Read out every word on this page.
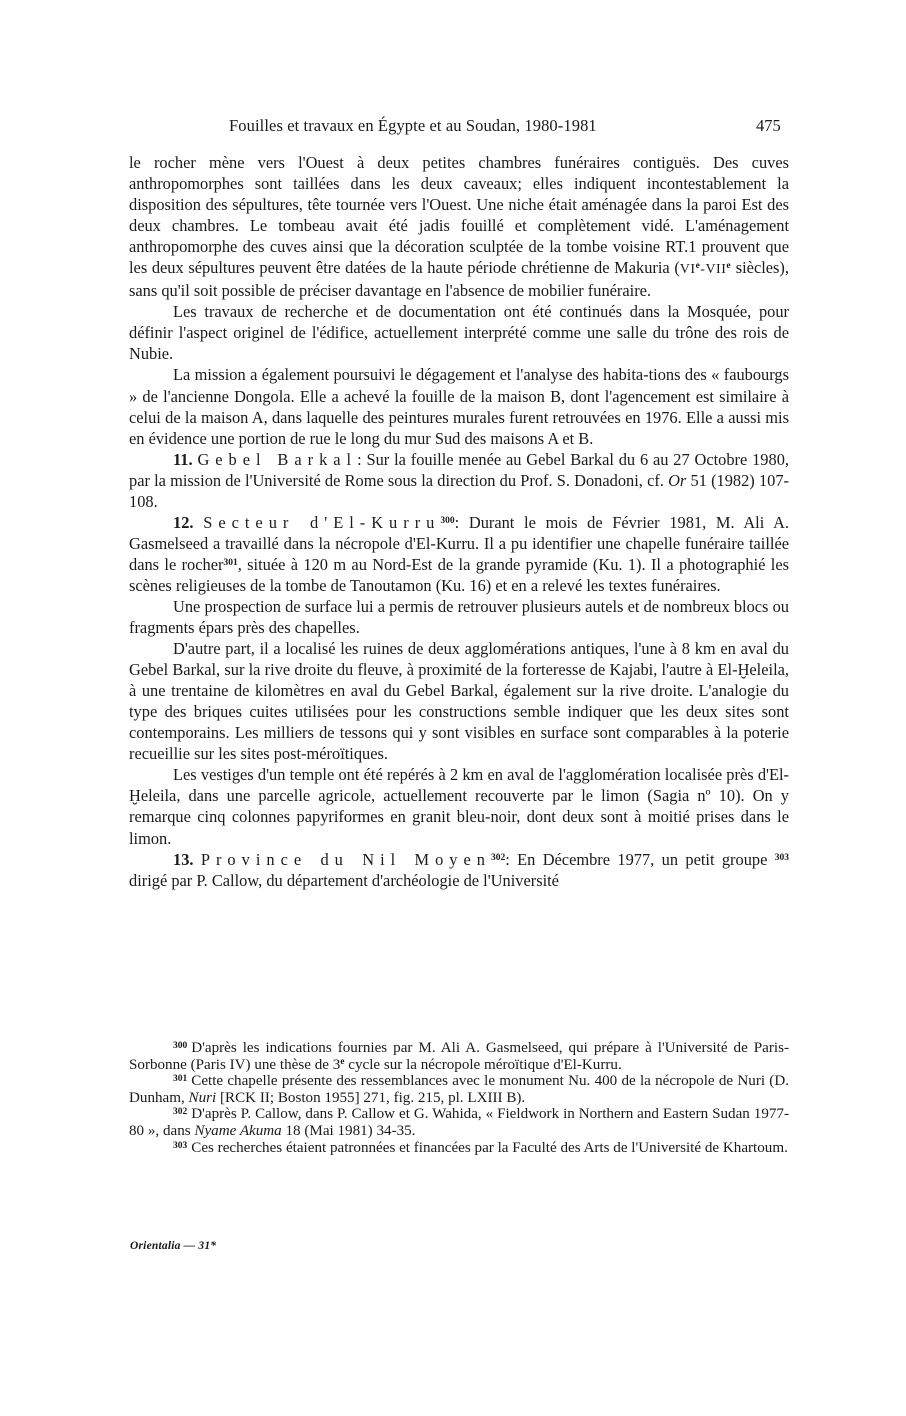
Fouilles et travaux en Égypte et au Soudan, 1980-1981	475

le rocher mène vers l'Ouest à deux petites chambres funéraires contiguës. Des cuves anthropomorphes sont taillées dans les deux caveaux; elles indiquent incontestablement la disposition des sépultures, tête tournée vers l'Ouest. Une niche était aménagée dans la paroi Est des deux chambres. Le tombeau avait été jadis fouillé et complètement vidé. L'aménagement anthropomorphe des cuves ainsi que la décoration sculptée de la tombe voisine RT.1 prouvent que les deux sépultures peuvent être datées de la haute période chrétienne de Makuria (VIe-VIIe siècles), sans qu'il soit possible de préciser davantage en l'absence de mobilier funéraire.

Les travaux de recherche et de documentation ont été continués dans la Mosquée, pour définir l'aspect originel de l'édifice, actuellement interprété comme une salle du trône des rois de Nubie.

La mission a également poursuivi le dégagement et l'analyse des habita-tions des « faubourgs » de l'ancienne Dongola. Elle a achevé la fouille de la maison B, dont l'agencement est similaire à celui de la maison A, dans laquelle des peintures murales furent retrouvées en 1976. Elle a aussi mis en évidence une portion de rue le long du mur Sud des maisons A et B.

11. Gebel Barkal: Sur la fouille menée au Gebel Barkal du 6 au 27 Octobre 1980, par la mission de l'Université de Rome sous la direction du Prof. S. Donadoni, cf. Or 51 (1982) 107-108.

12. Secteur d'El-Kurru$^{300}$: Durant le mois de Février 1981, M. Ali A. Gasmelseed a travaillé dans la nécropole d'El-Kurru. Il a pu identifier une chapelle funéraire taillée dans le rocher$^{301}$, située à 120 m au Nord-Est de la grande pyramide (Ku. 1). Il a photographié les scènes religieuses de la tombe de Tanoutamon (Ku. 16) et en a relevé les textes funéraires.

Une prospection de surface lui a permis de retrouver plusieurs autels et de nombreux blocs ou fragments épars près des chapelles.

D'autre part, il a localisé les ruines de deux agglomérations antiques, l'une à 8 km en aval du Gebel Barkal, sur la rive droite du fleuve, à proximité de la forteresse de Kajabi, l'autre à El-Ḫeleila, à une trentaine de kilomètres en aval du Gebel Barkal, également sur la rive droite. L'analogie du type des briques cuites utilisées pour les constructions semble indiquer que les deux sites sont contemporains. Les milliers de tessons qui y sont visibles en surface sont comparables à la poterie recueillie sur les sites post-méroïtiques.

Les vestiges d'un temple ont été repérés à 2 km en aval de l'agglomération localisée près d'El-Ḫeleila, dans une parcelle agricole, actuellement recouverte par le limon (Sagia nº 10). On y remarque cinq colonnes papyriformes en granit bleu-noir, dont deux sont à moitié prises dans le limon.

13. Province du Nil Moyen$^{302}$: En Décembre 1977, un petit groupe $^{303}$ dirigé par P. Callow, du département d'archéologie de l'Université

$^{300}$ D'après les indications fournies par M. Ali A. Gasmelseed, qui prépare à l'Université de Paris-Sorbonne (Paris IV) une thèse de 3e cycle sur la nécropole méroïtique d'El-Kurru.

$^{301}$ Cette chapelle présente des ressemblances avec le monument Nu. 400 de la nécropole de Nuri (D. Dunham, Nuri [RCK II; Boston 1955] 271, fig. 215, pl. LXIII B).

$^{302}$ D'après P. Callow, dans P. Callow et G. Wahida, « Fieldwork in Northern and Eastern Sudan 1977-80 », dans Nyame Akuma 18 (Mai 1981) 34-35.

$^{303}$ Ces recherches étaient patronnées et financées par la Faculté des Arts de l'Université de Khartoum.

Orientalia — 31*
